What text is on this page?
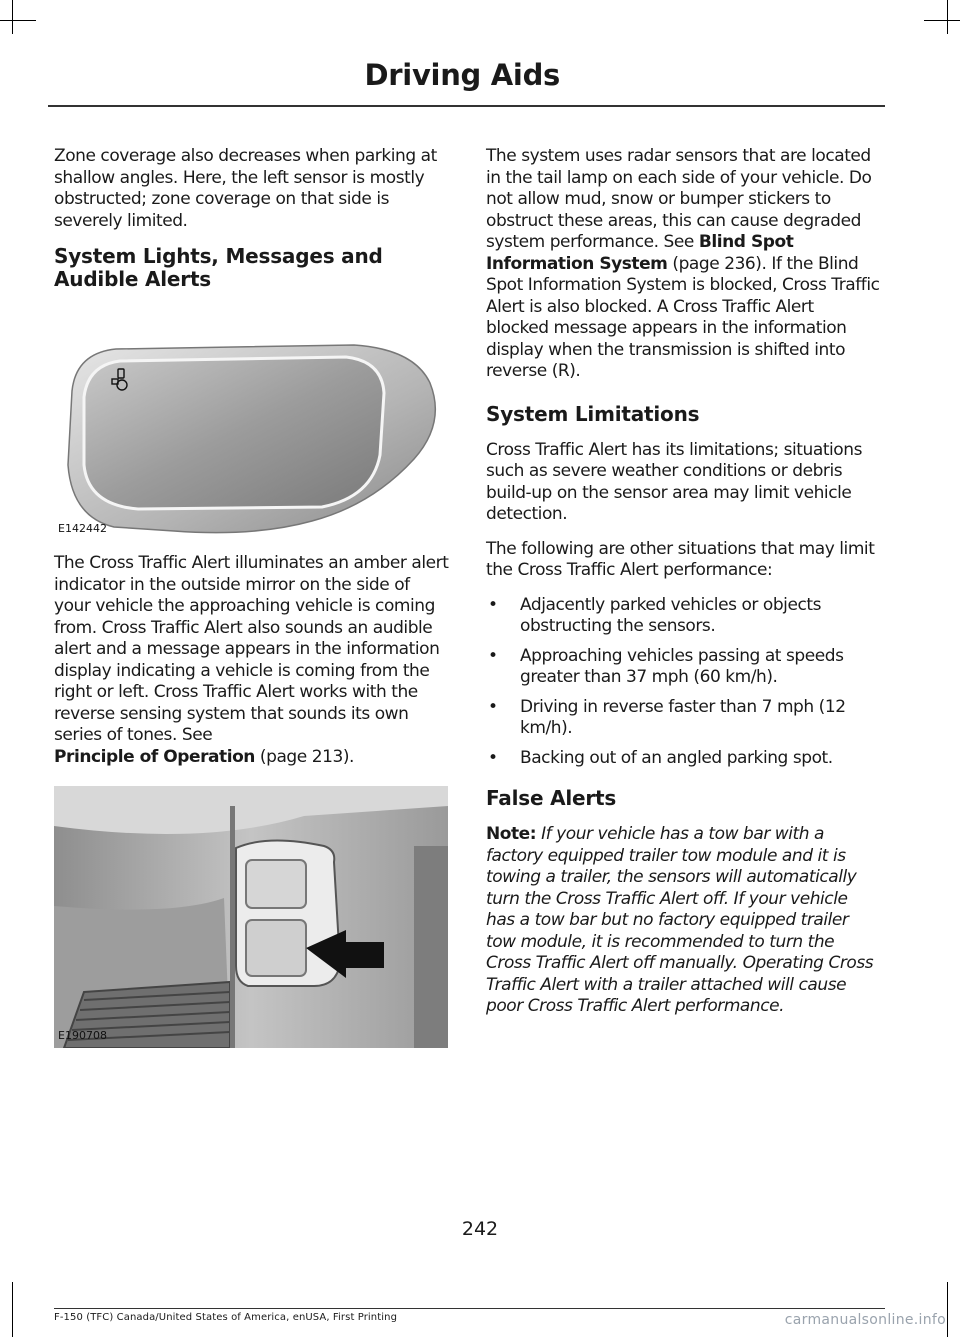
Driving Aids

Zone coverage also decreases when parking at shallow angles. Here, the left sensor is mostly obstructed; zone coverage on that side is severely limited.

System Lights, Messages and Audible Alerts
E142442

The Cross Traffic Alert illuminates an amber alert indicator in the outside mirror on the side of your vehicle the approaching vehicle is coming from. Cross Traffic Alert also sounds an audible alert and a message appears in the information display indicating a vehicle is coming from the right or left. Cross Traffic Alert works with the reverse sensing system that sounds its own series of tones. See
Principle of Operation (page 213).

E190708

The system uses radar sensors that are located in the tail lamp on each side of your vehicle. Do not allow mud, snow or bumper stickers to obstruct these areas, this can cause degraded system performance. See Blind Spot Information System (page 236). If the Blind Spot Information System is blocked, Cross Traffic Alert is also blocked. A Cross Traffic Alert blocked message appears in the information display when the transmission is shifted into reverse (R).

System Limitations

Cross Traffic Alert has its limitations; situations such as severe weather conditions or debris build-up on the sensor area may limit vehicle detection.

The following are other situations that may limit the Cross Traffic Alert performance:

• Adjacently parked vehicles or objects obstructing the sensors.
• Approaching vehicles passing at speeds greater than 37 mph (60 km/h).
• Driving in reverse faster than 7 mph (12 km/h).
• Backing out of an angled parking spot.
False Alerts

Note: If your vehicle has a tow bar with a factory equipped trailer tow module and it is towing a trailer, the sensors will automatically turn the Cross Traffic Alert off. If your vehicle has a tow bar but no factory equipped trailer tow module, it is recommended to turn the Cross Traffic Alert off manually. Operating Cross Traffic Alert with a trailer attached will cause poor Cross Traffic Alert performance.

242
F-150 (TFC) Canada/United States of America, enUSA, First Printing	carmanualsonline.info
